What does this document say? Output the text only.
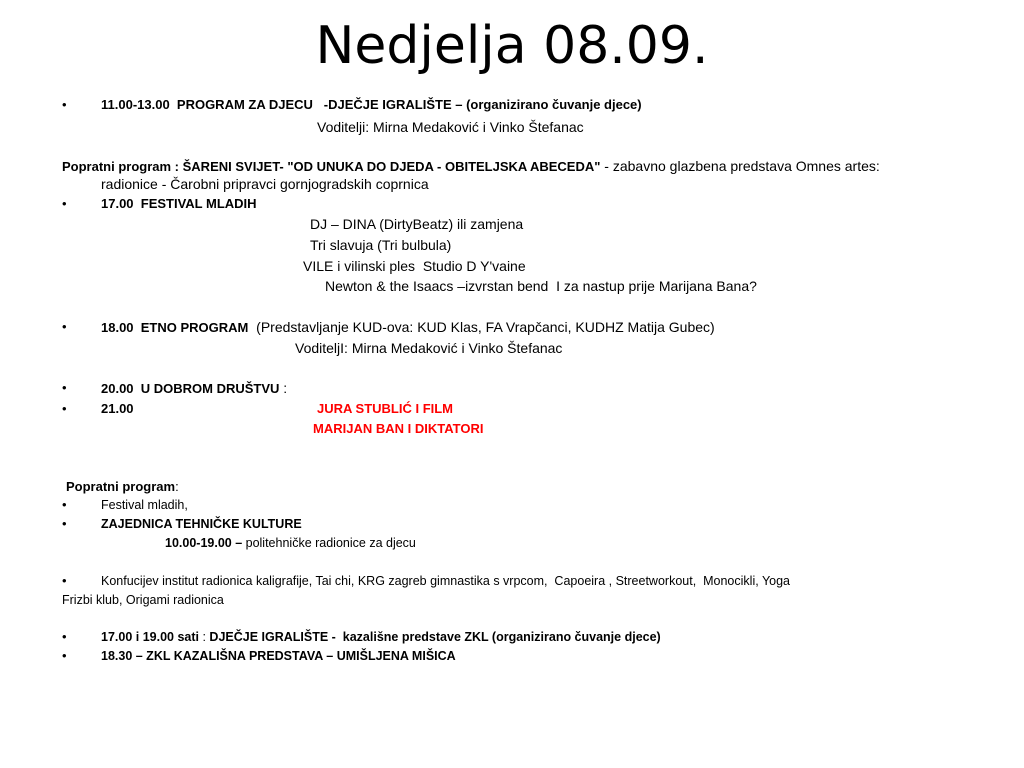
Nedjelja 08.09.
•	11.00-13.00  PROGRAM ZA DJECU   -DJEČJE IGRALIŠTE – (organizirano čuvanje djece)
Voditelji: Mirna Medaković i Vinko Štefanac
Popratni program : ŠARENI SVIJET- "OD UNUKA DO DJEDA - OBITELJSKA ABECEDA" - zabavno glazbena predstava Omnes artes:
radionice - Čarobni pripravci gornjogradskih coprnica
•	17.00  FESTIVAL MLADIH
DJ – DINA (DirtyBeatz) ili zamjena
Tri slavuja (Tri bulbula)
VILE i vilinski ples  Studio D Y'vaine
Newton & the Isaacs –izvrstan bend  I za nastup prije Marijana Bana?
•	18.00  ETNO PROGRAM  (Predstavljanje KUD-ova: KUD Klas, FA Vrapčanci, KUDHZ Matija Gubec)
VoditeljI: Mirna Medaković i Vinko Štefanac
•	20.00  U DOBROM DRUŠTVU :
•	21.00	JURA STUBLIĆ I FILM
MARIJAN BAN I DIKTATORI
Popratni program:
•	Festival mladih,
•	ZAJEDNICA TEHNIČKE KULTURE
10.00-19.00 – politehničke radionice za djecu
•	Konfucijev institut radionica kaligrafije, Tai chi, KRG zagreb gimnastika s vrpcom,  Capoeira , Streetworkout,  Monocikli, Yoga
Frizbi klub, Origami radionica
•	17.00 i 19.00 sati : DJEČJE IGRALIŠTE -  kazališne predstave ZKL (organizirano čuvanje djece)
•	18.30 – ZKL KAZALIŠNA PREDSTAVA – UMIŠLJENA MIŠICA
